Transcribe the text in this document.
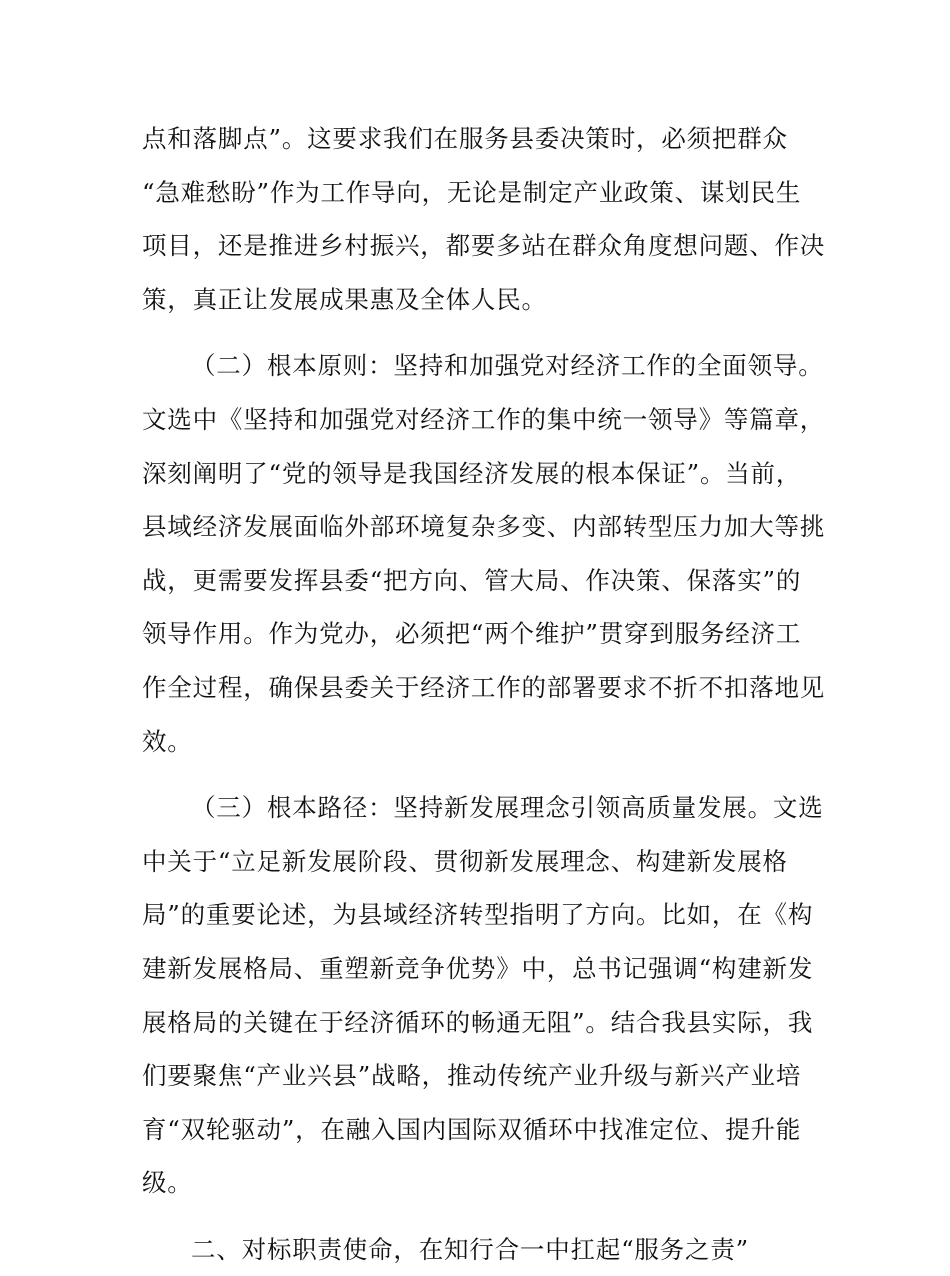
点和落脚点”。这要求我们在服务县委决策时，必须把群众
“急难愁盼”作为工作导向，无论是制定产业政策、谋划民生
项目，还是推进乡村振兴，都要多站在群众角度想问题、作决
策，真正让发展成果惠及全体人民。
（二）根本原则：坚持和加强党对经济工作的全面领导。
文选中《坚持和加强党对经济工作的集中统一领导》等篇章，
深刻阐明了“党的领导是我国经济发展的根本保证”。当前，
县域经济发展面临外部环境复杂多变、内部转型压力加大等挑
战，更需要发挥县委“把方向、管大局、作决策、保落实”的
领导作用。作为党办，必须把“两个维护”贯穿到服务经济工
作全过程，确保县委关于经济工作的部署要求不折不扣落地见
效。
（三）根本路径：坚持新发展理念引领高质量发展。文选
中关于“立足新发展阶段、贯彻新发展理念、构建新发展格
局”的重要论述，为县域经济转型指明了方向。比如，在《构
建新发展格局、重塑新竞争优势》中，总书记强调“构建新发
展格局的关键在于经济循环的畅通无阻”。结合我县实际，我
们要聚焦“产业兴县”战略，推动传统产业升级与新兴产业培
育“双轮驱动”，在融入国内国际双循环中找准定位、提升能
级。
二、对标职责使命，在知行合一中扛起“服务之责”
